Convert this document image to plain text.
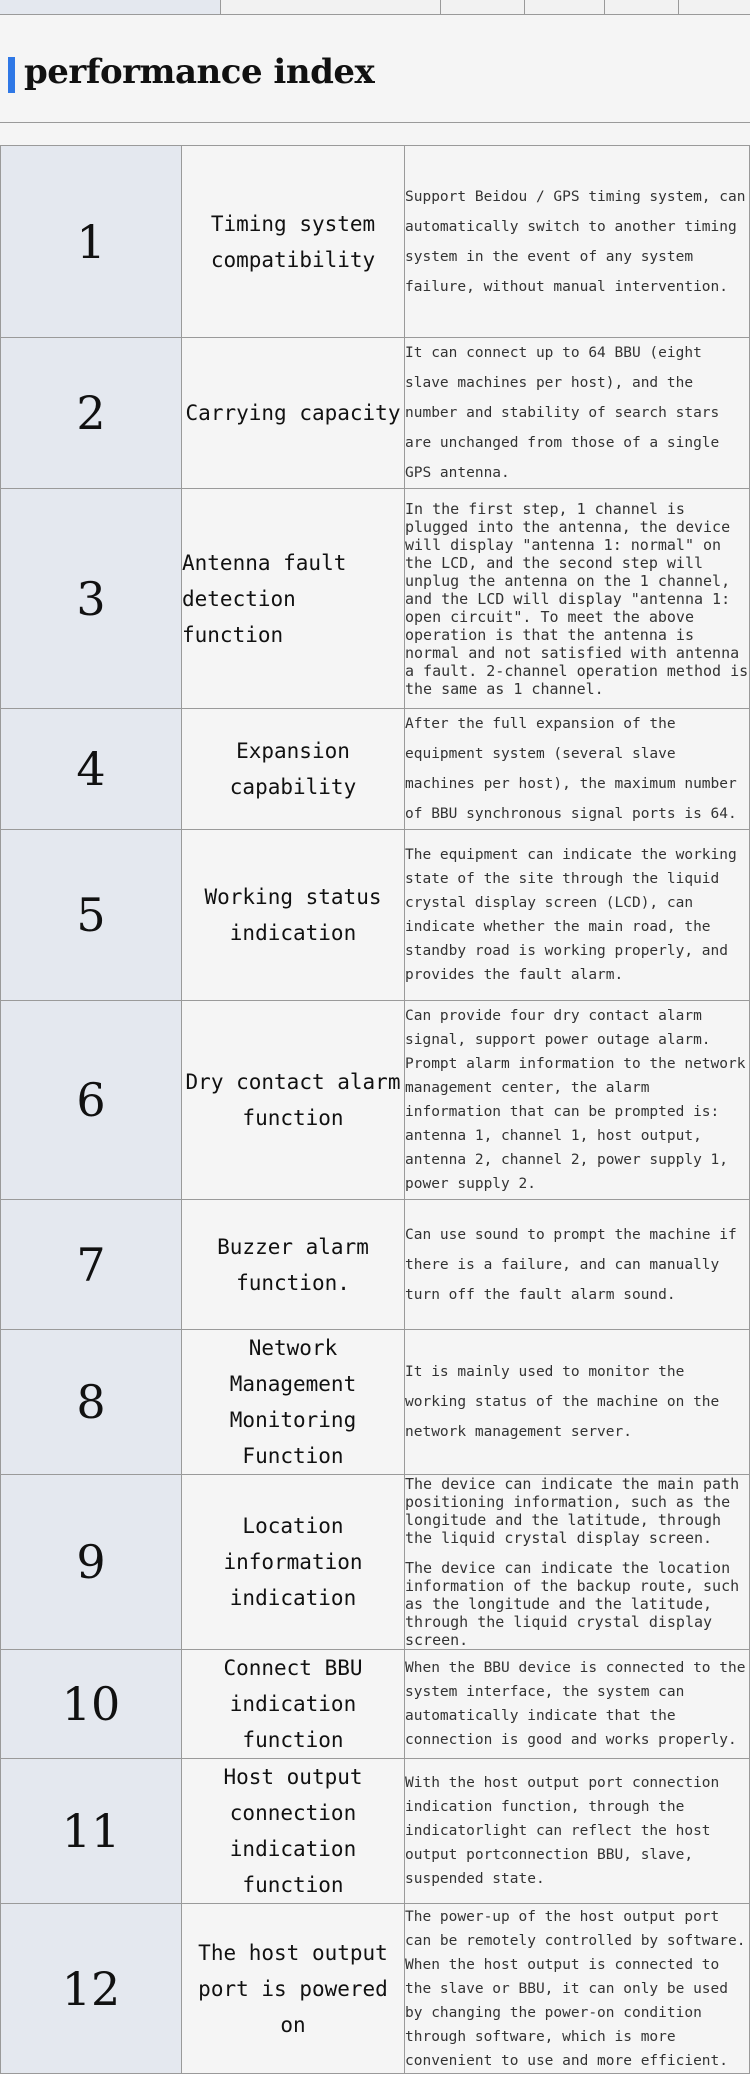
performance index
1	Timing system compatibility	Support Beidou / GPS timing system, can automatically switch to another timing system in the event of any system failure, without manual intervention.

2	Carrying capacity	It can connect up to 64 BBU (eight slave machines per host), and the number and stability of search stars are unchanged from those of a single GPS antenna.

3	Antenna fault detection function	In the first step, 1 channel is plugged into the antenna, the device will display "antenna 1: normal" on the LCD, and the second step will unplug the antenna on the 1 channel, and the LCD will display "antenna 1: open circuit". To meet the above operation is that the antenna is normal and not satisfied with antenna a fault. 2-channel operation method is the same as 1 channel.

4	Expansion capability	After the full expansion of the equipment system (several slave machines per host), the maximum number of BBU synchronous signal ports is 64.

5	Working status indication	The equipment can indicate the working state of the site through the liquid crystal display screen (LCD), can indicate whether the main road, the standby road is working properly, and provides the fault alarm.

6	Dry contact alarm function	Can provide four dry contact alarm signal, support power outage alarm. Prompt alarm information to the network management center, the alarm information that can be prompted is: antenna 1, channel 1, host output, antenna 2, channel 2, power supply 1, power supply 2.

7	Buzzer alarm function.	Can use sound to prompt the machine if there is a failure, and can manually turn off the fault alarm sound.

8	Network Management Monitoring Function	It is mainly used to monitor the working status of the machine on the network management server.

9	Location information indication	The device can indicate the main path positioning information, such as the longitude and the latitude, through the liquid crystal display screen.

The device can indicate the location information of the backup route, such as the longitude and the latitude, through the liquid crystal display screen.

10	Connect BBU indication function	When the BBU device is connected to the system interface, the system can automatically indicate that the connection is good and works properly.

11	Host output connection indication function	With the host output port connection indication function, through the indicatorlight can reflect the host output portconnection BBU, slave, suspended state.

12	The host output port is powered on	The power-up of the host output port can be remotely controlled by software. When the host output is connected to the slave or BBU, it can only be used by changing the power-on condition through software, which is more convenient to use and more efficient.
